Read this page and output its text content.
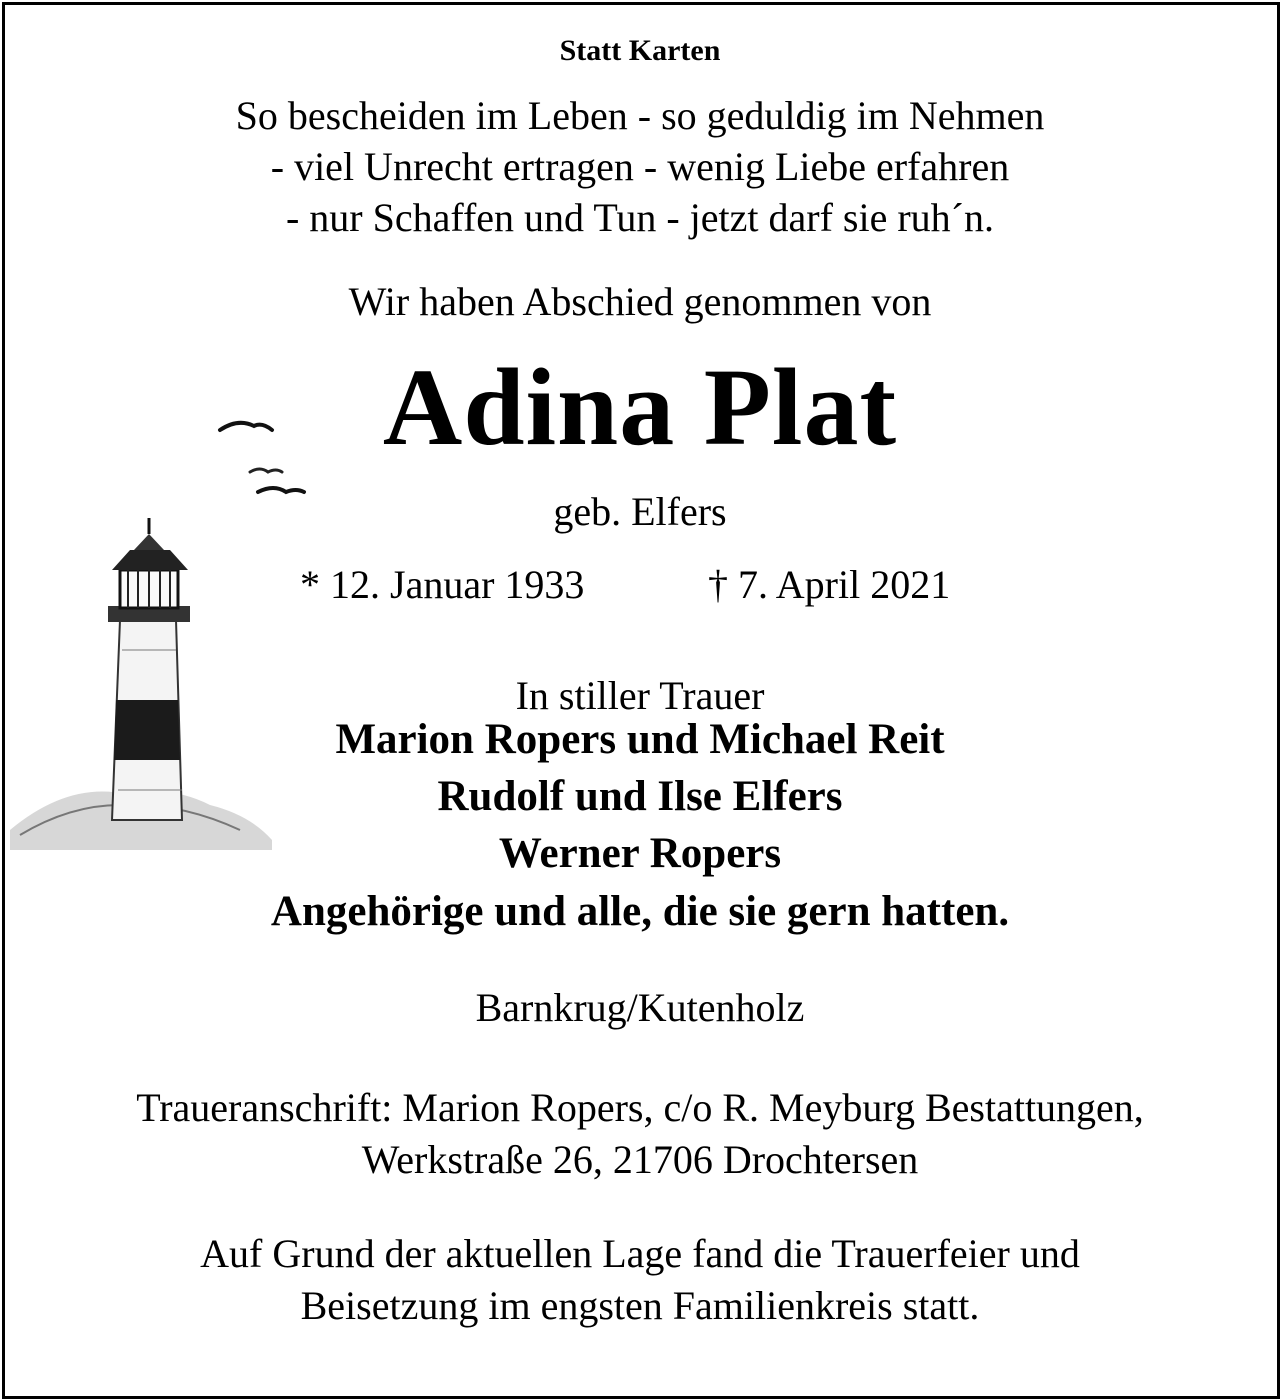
Statt Karten
So bescheiden im Leben - so geduldig im Nehmen
- viel Unrecht ertragen - wenig Liebe erfahren
- nur Schaffen und Tun - jetzt darf sie ruh´n.
Wir haben Abschied genommen von
Adina Plat
geb. Elfers
* 12. Januar 1933	† 7. April 2021
In stiller Trauer
Marion Ropers und Michael Reit
Rudolf und Ilse Elfers
Werner Ropers
Angehörige und alle, die sie gern hatten.
Barnkrug/Kutenholz
Traueranschrift: Marion Ropers, c/o R. Meyburg Bestattungen,
Werkstraße 26, 21706 Drochtersen
Auf Grund der aktuellen Lage fand die Trauerfeier und
Beisetzung im engsten Familienkreis statt.
